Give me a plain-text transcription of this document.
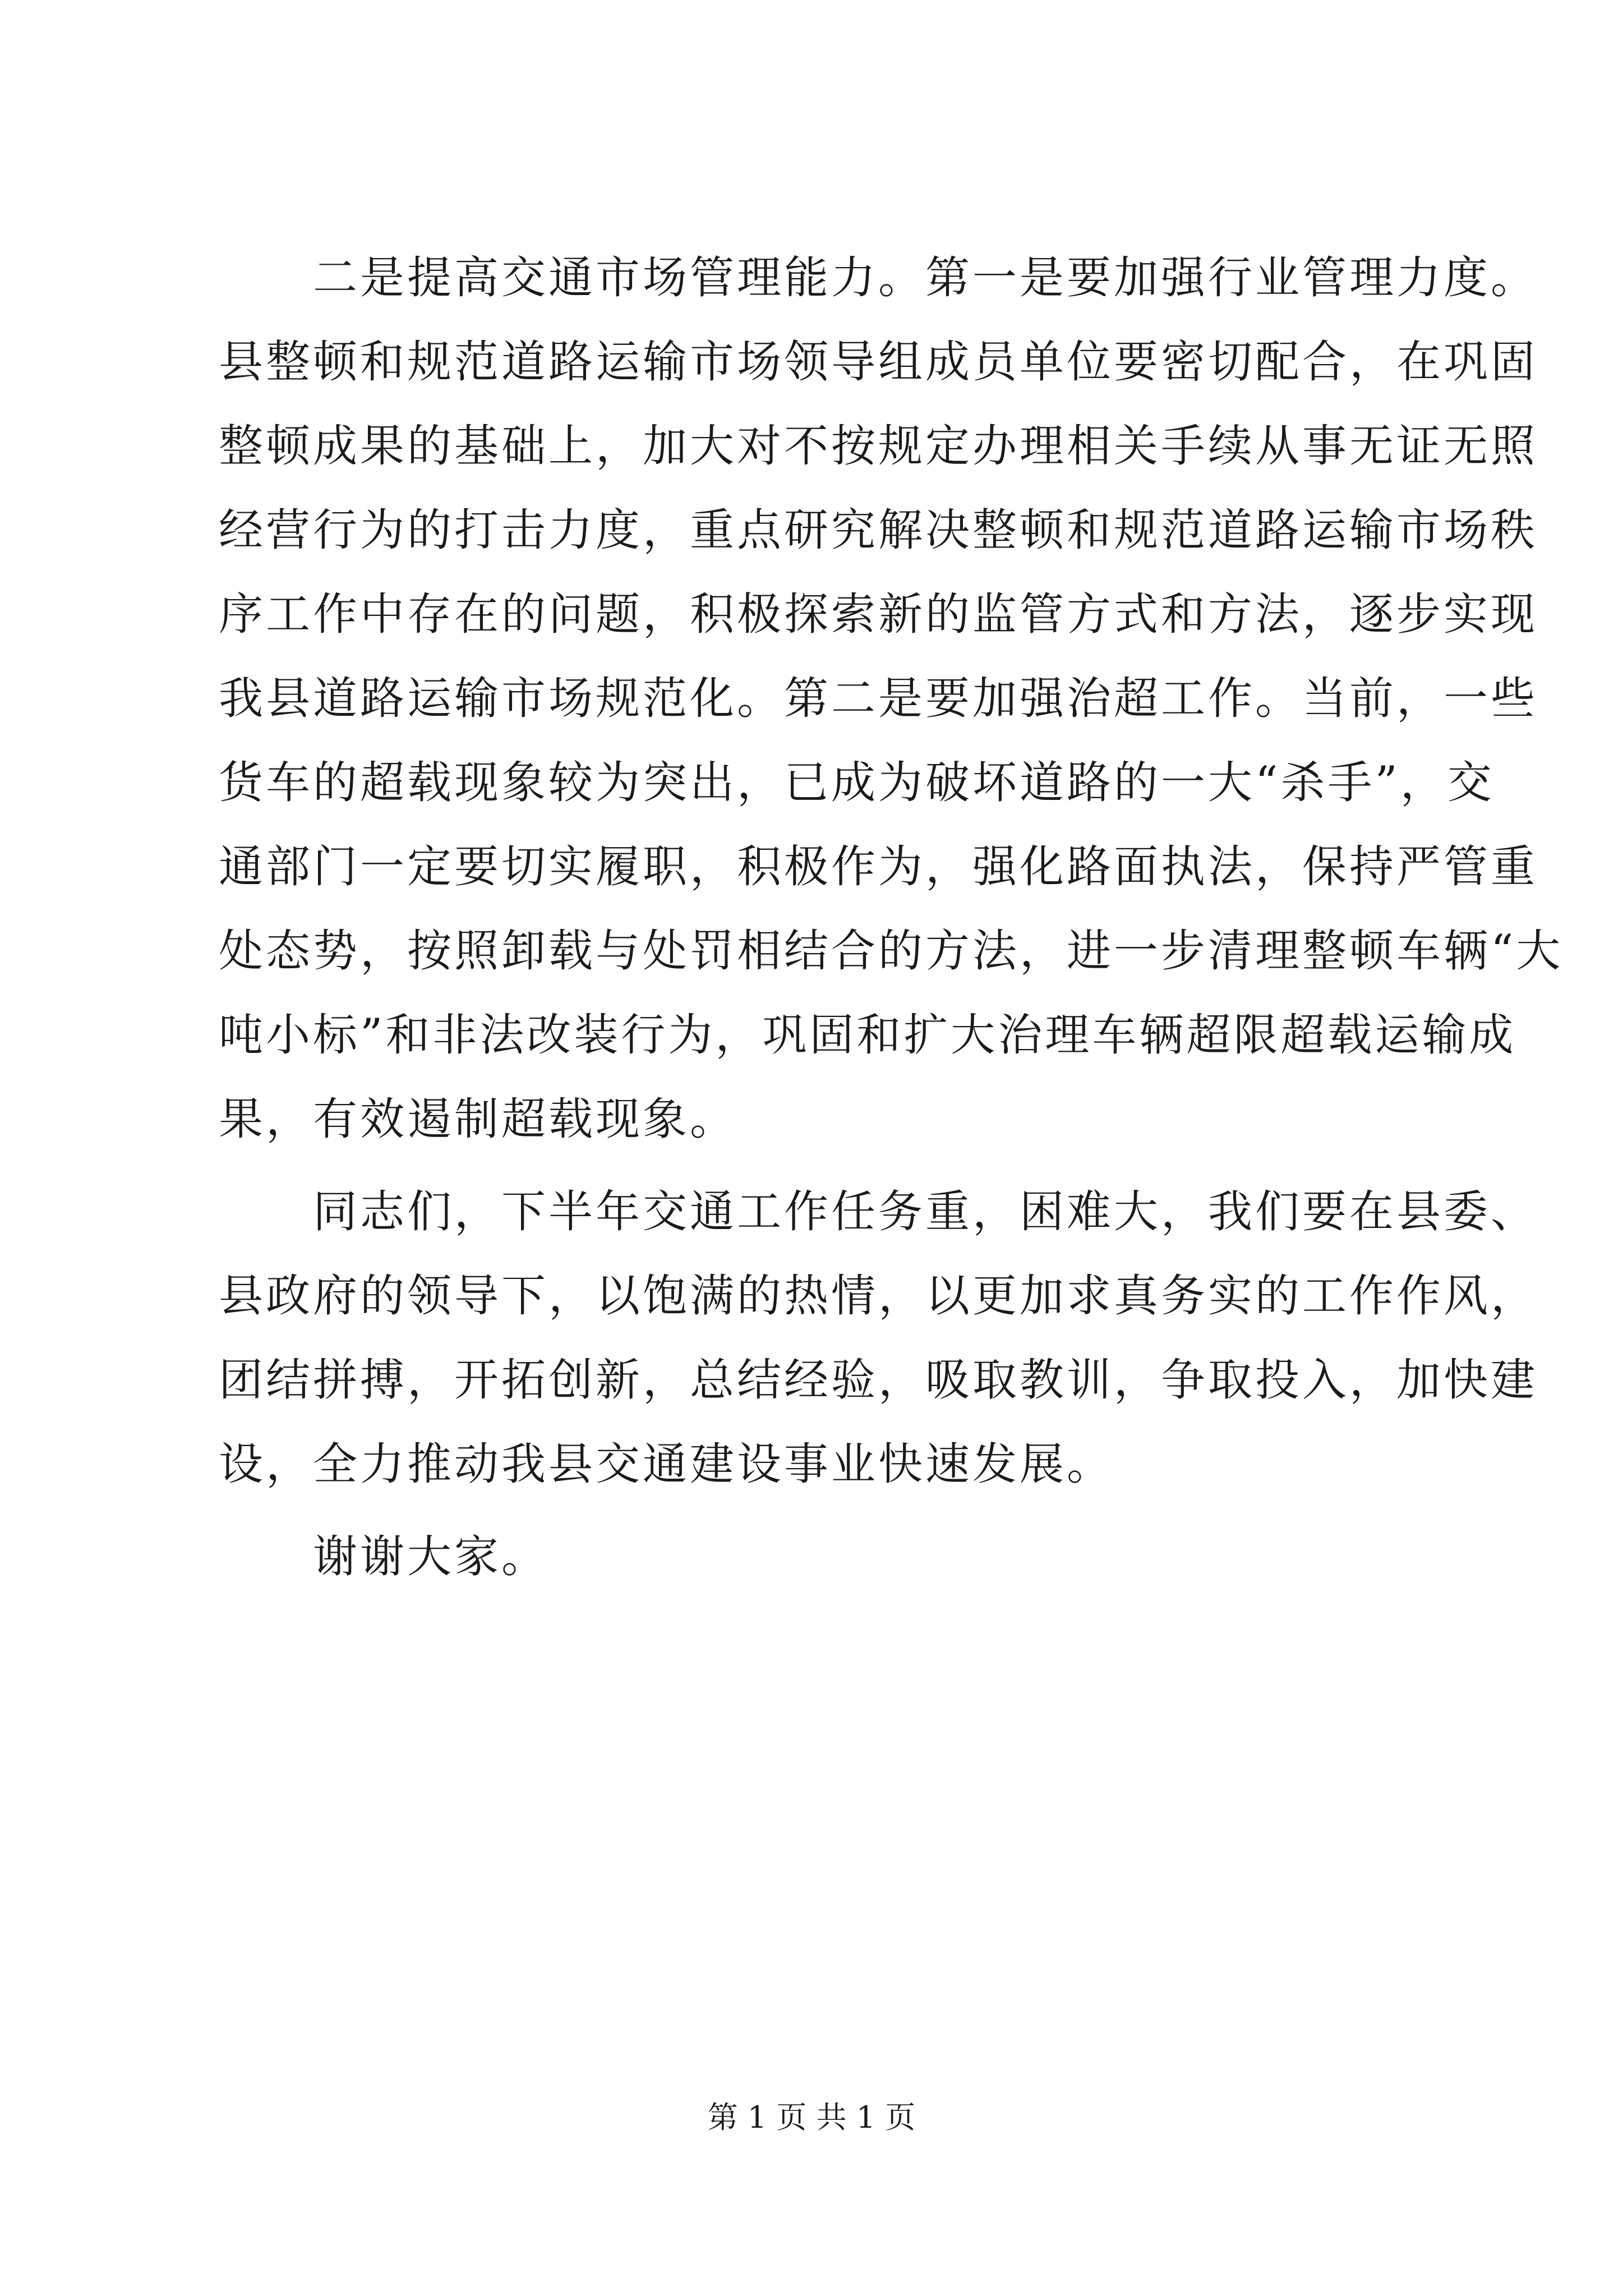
　　二是提高交通市场管理能力。第一是要加强行业管理力度。
县整顿和规范道路运输市场领导组成员单位要密切配合，在巩固
整顿成果的基础上，加大对不按规定办理相关手续从事无证无照
经营行为的打击力度，重点研究解决整顿和规范道路运输市场秩
序工作中存在的问题，积极探索新的监管方式和方法，逐步实现
我县道路运输市场规范化。第二是要加强治超工作。当前，一些
货车的超载现象较为突出，已成为破坏道路的一大“杀手”，交
通部门一定要切实履职，积极作为，强化路面执法，保持严管重
处态势，按照卸载与处罚相结合的方法，进一步清理整顿车辆“大
吨小标”和非法改装行为，巩固和扩大治理车辆超限超载运输成
果，有效遏制超载现象。
　　同志们，下半年交通工作任务重，困难大，我们要在县委、
县政府的领导下，以饱满的热情，以更加求真务实的工作作风，
团结拼搏，开拓创新，总结经验，吸取教训，争取投入，加快建
设，全力推动我县交通建设事业快速发展。
　　谢谢大家。
第 1 页 共 1 页
